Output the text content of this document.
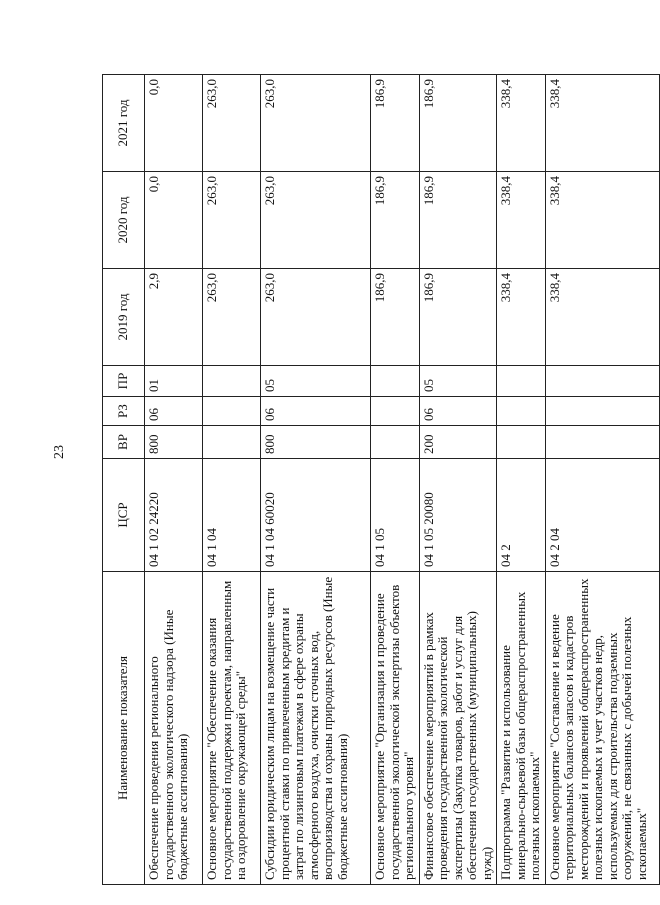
23
Наименование показателя	ЦСР	ВР	РЗ	ПР	2019 год	2020 год	2021 год
Обеспечение проведения регионального государственного экологического надзора (Иные бюджетные ассигнования)	04 1 02 24220	800	06	01	2,9	0,0	0,0
Основное мероприятие "Обеспечение оказания государственной поддержки проектам, направленным на оздоровление окружающей среды"	04 1 04				263,0	263,0	263,0
Субсидии юридическим лицам на возмещение части процентной ставки по привлеченным кредитам и затрат по лизинговым платежам в сфере охраны атмосферного воздуха, очистки сточных вод, воспроизводства и охраны природных ресурсов (Иные бюджетные ассигнования)	04 1 04 60020	800	06	05	263,0	263,0	263,0
Основное мероприятие "Организация и проведение государственной экологической экспертизы объектов регионального уровня"	04 1 05				186,9	186,9	186,9
Финансовое обеспечение мероприятий в рамках проведения государственной экологической экспертизы (Закупка товаров, работ и услуг для обеспечения государственных (муниципальных) нужд)	04 1 05 20080	200	06	05	186,9	186,9	186,9
Подпрограмма "Развитие и использование минерально-сырьевой базы общераспространенных полезных ископаемых"	04 2				338,4	338,4	338,4
Основное мероприятие "Составление и ведение территориальных балансов запасов и кадастров месторождений и проявлений общераспространенных полезных ископаемых и учет участков недр, используемых для строительства подземных сооружений, не связанных с добычей полезных ископаемых"	04 2 04				338,4	338,4	338,4
